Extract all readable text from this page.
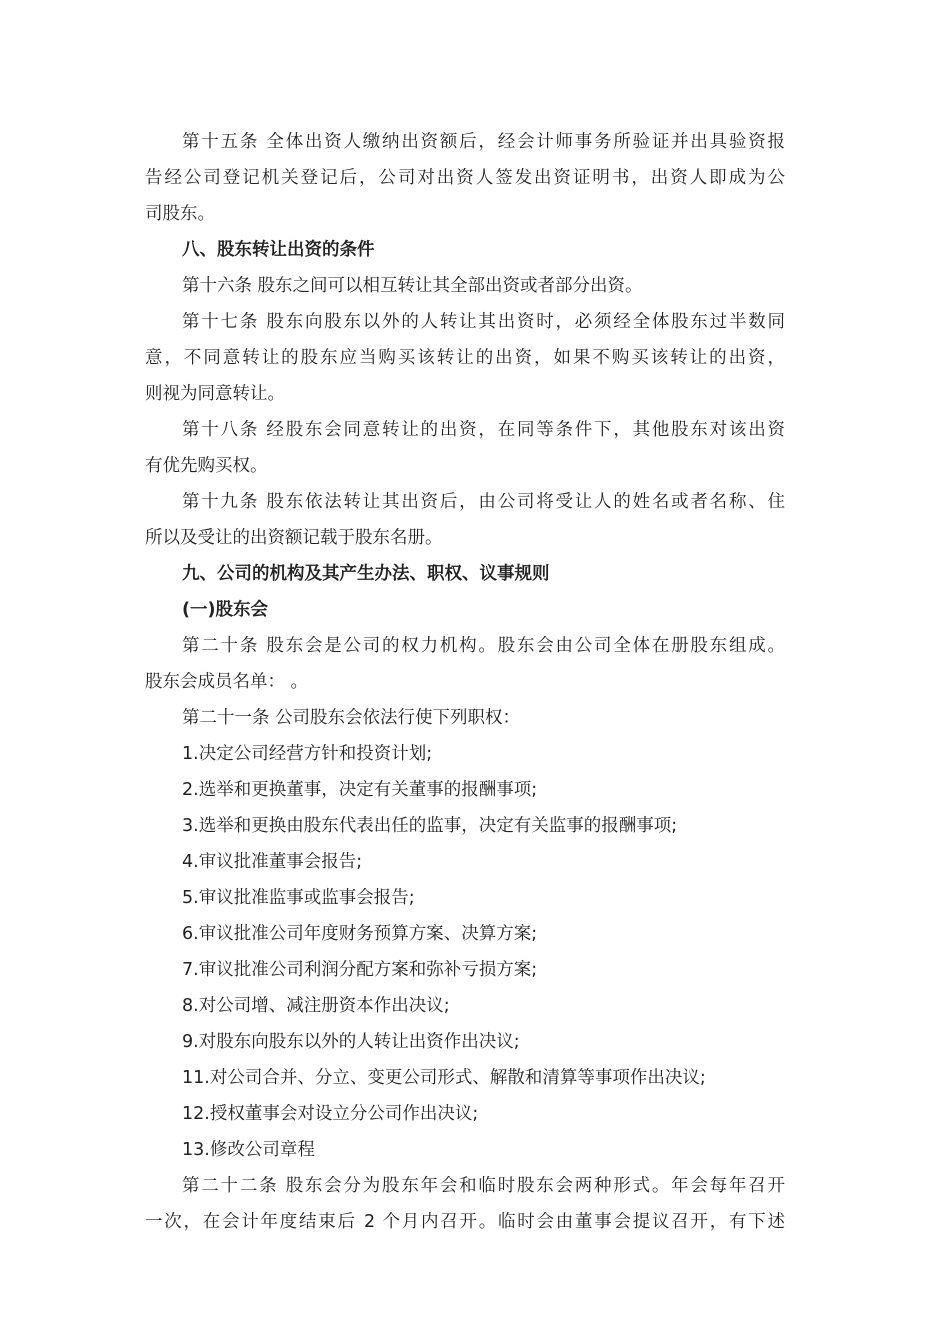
第十五条 全体出资人缴纳出资额后，经会计师事务所验证并出具验资报
告经公司登记机关登记后，公司对出资人签发出资证明书，出资人即成为公
司股东。
八、股东转让出资的条件
第十六条 股东之间可以相互转让其全部出资或者部分出资。
第十七条 股东向股东以外的人转让其出资时，必须经全体股东过半数同
意，不同意转让的股东应当购买该转让的出资，如果不购买该转让的出资，
则视为同意转让。
第十八条 经股东会同意转让的出资，在同等条件下，其他股东对该出资
有优先购买权。
第十九条 股东依法转让其出资后，由公司将受让人的姓名或者名称、住
所以及受让的出资额记载于股东名册。
九、公司的机构及其产生办法、职权、议事规则
(一)股东会
第二十条 股东会是公司的权力机构。股东会由公司全体在册股东组成。
股东会成员名单： 。
第二十一条 公司股东会依法行使下列职权：
1.决定公司经营方针和投资计划;
2.选举和更换董事，决定有关董事的报酬事项;
3.选举和更换由股东代表出任的监事，决定有关监事的报酬事项;
4.审议批准董事会报告;
5.审议批准监事或监事会报告;
6.审议批准公司年度财务预算方案、决算方案;
7.审议批准公司利润分配方案和弥补亏损方案;
8.对公司增、减注册资本作出决议;
9.对股东向股东以外的人转让出资作出决议;
11.对公司合并、分立、变更公司形式、解散和清算等事项作出决议;
12.授权董事会对设立分公司作出决议;
13.修改公司章程
第二十二条 股东会分为股东年会和临时股东会两种形式。年会每年召开
一次，在会计年度结束后 2 个月内召开。临时会由董事会提议召开，有下述
